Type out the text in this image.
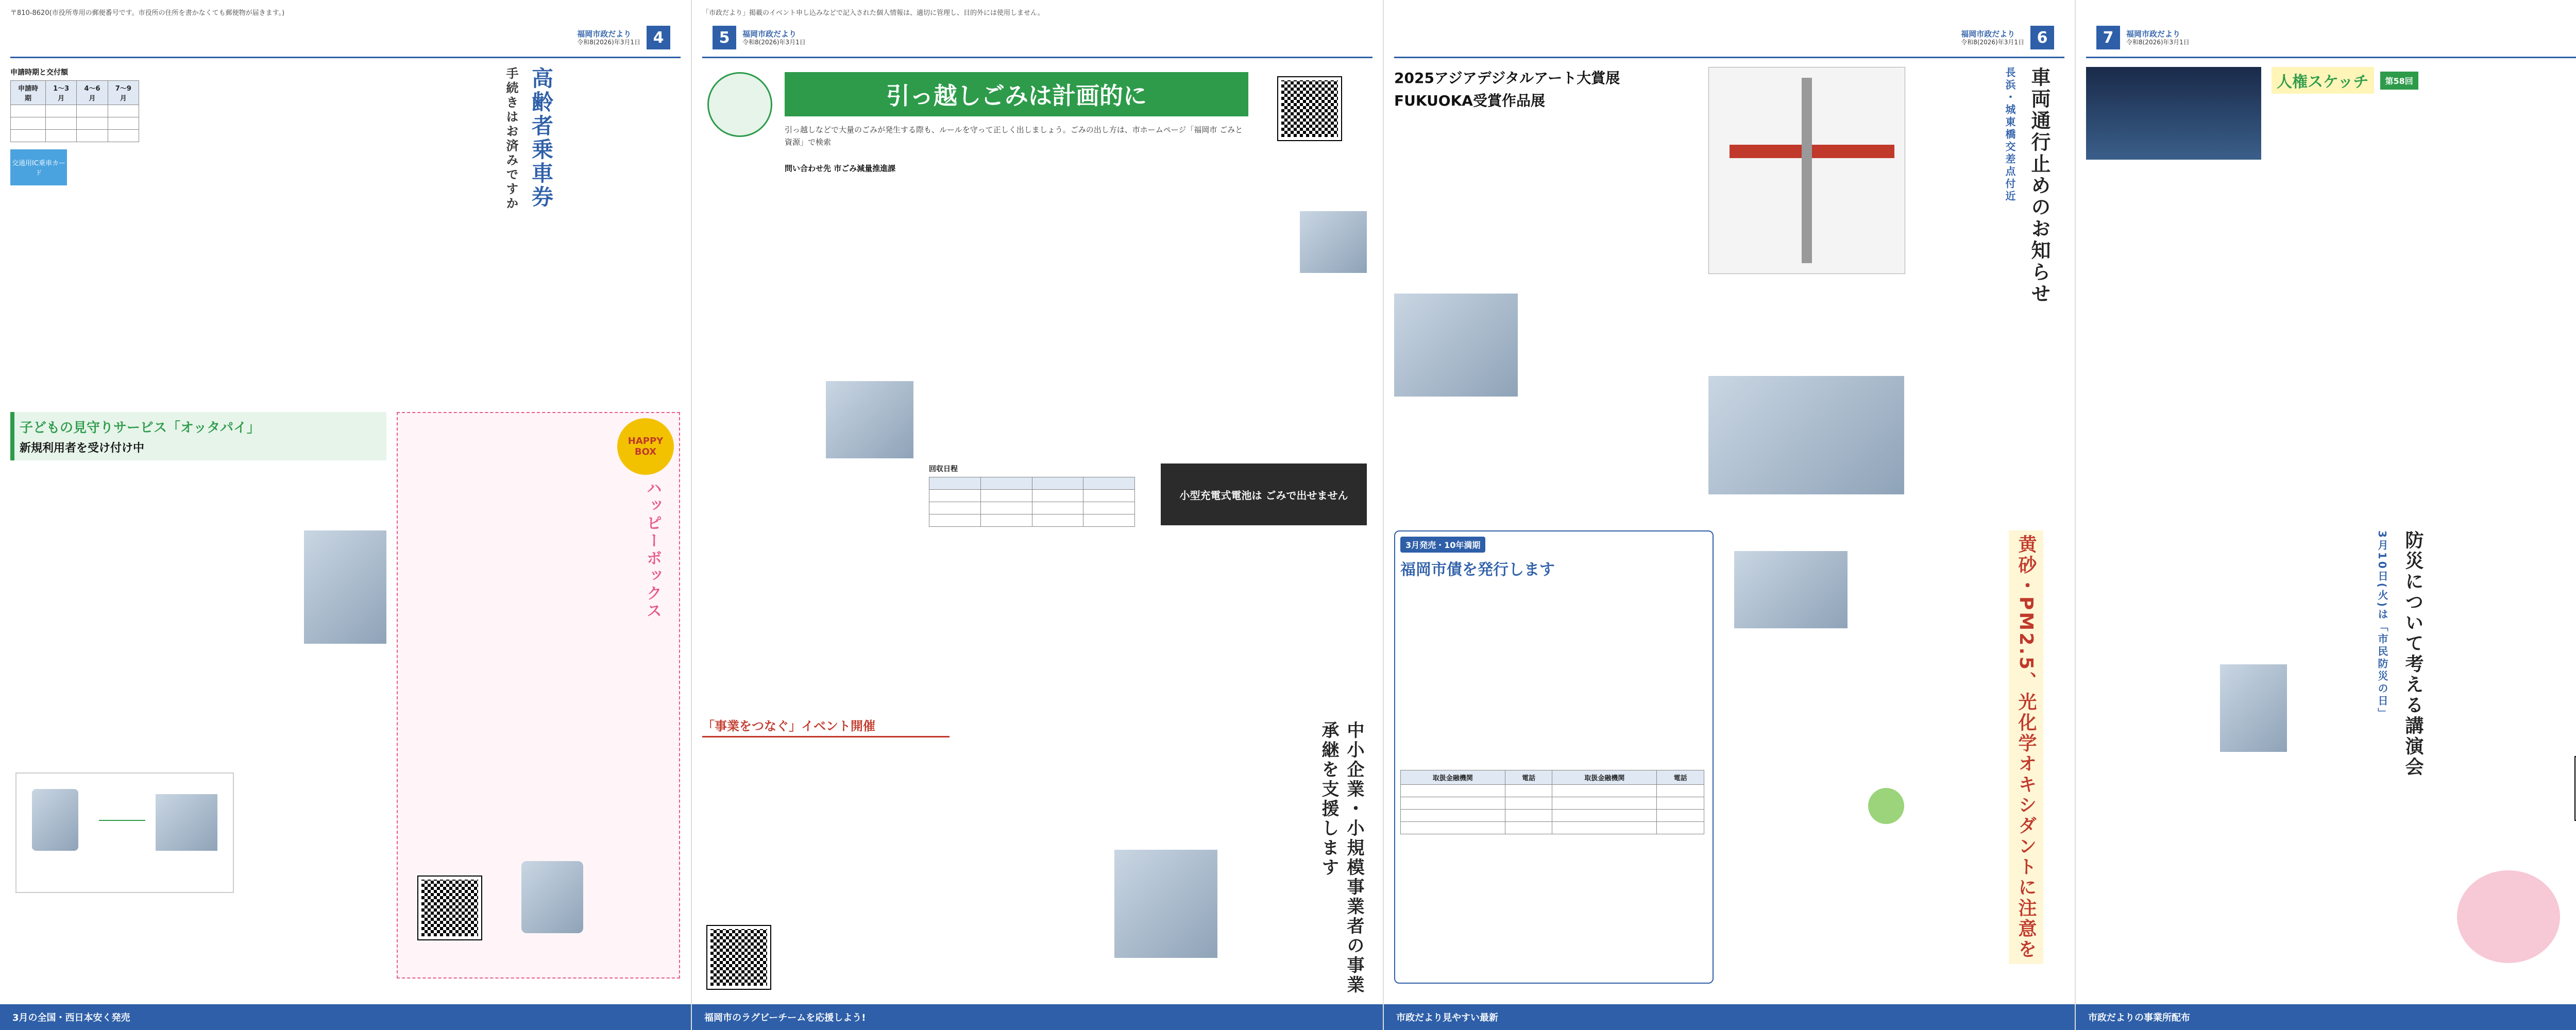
〒810-8620(市役所専用の郵便番号です。市役所の住所を書かなくても郵便物が届きます。)
福岡市政だより
令和8(2026)年3月1日 4
申請時期と交付額
申請時期	1～3月	4～6月	7～9月

交通用IC乗車カード	高齢者乗車券
手続きはお済みですか
子どもの見守りサービス「オッタパイ」
新規利用者を受け付け中
HAPPY BOX
ハッピーボックス
3月の全国・西日本安く発売
「市政だより」掲載のイベント申し込みなどで記入された個人情報は、適切に管理し、目的外には使用しません。
5	福岡市政だより
令和8(2026)年3月1日
引っ越しごみは計画的に
引っ越しなどで大量のごみが発生する際も、ルールを守って正しく出しましょう。ごみの出し方は、市ホームページ「福岡市 ごみと資源」で検索
問い合わせ先 市ごみ減量推進課
回収日程

小型充電式電池は ごみで出せません
「事業をつなぐ」イベント開催	中小企業・小規模事業者の事業承継を支援します
福岡市のラグビーチームを応援しよう!
福岡市政だより
令和8(2026)年3月1日 6
2025アジアデジタルアート大賞展
FUKUOKA受賞作品展	車両通行止めのお知らせ
長浜・城東橋交差点付近
3月発売・10年満期
福岡市債を発行します
取扱金融機関	電話	取扱金融機関	電話

				黄砂・PM2.5、光化学オキシダントに注意を
市政だより見やすい最新
7	福岡市政だより
令和8(2026)年3月1日
人権スケッチ	第58回
防災について考える講演会
3月10日(火)は「市民防災の日」
市政だよりの事業所配布
